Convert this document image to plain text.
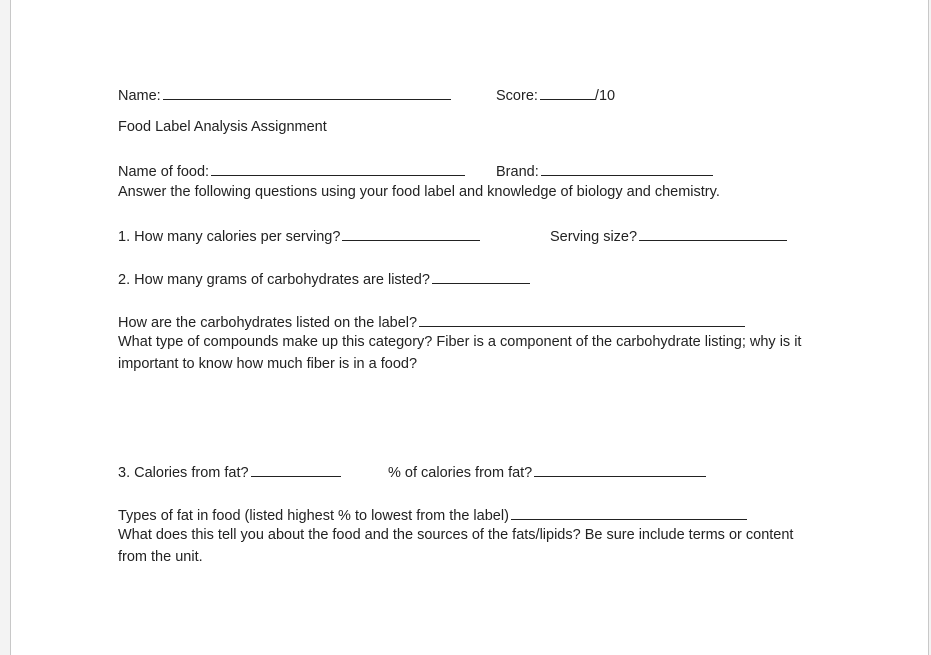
Name:	Score:	/10
Food Label Analysis Assignment
Name of food:	Brand:
Answer the following questions using your food label and knowledge of biology and chemistry.
1. How many calories per serving?	Serving size?
2. How many grams of carbohydrates are listed?
How are the carbohydrates listed on the label?
What type of compounds make up this category? Fiber is a component of the carbohydrate listing; why is it important to know how much fiber is in a food?
3. Calories from fat?	% of calories from fat?
Types of fat in food (listed highest % to lowest from the label)
What does this tell you about the food and the sources of the fats/lipids? Be sure include terms or content from the unit.
